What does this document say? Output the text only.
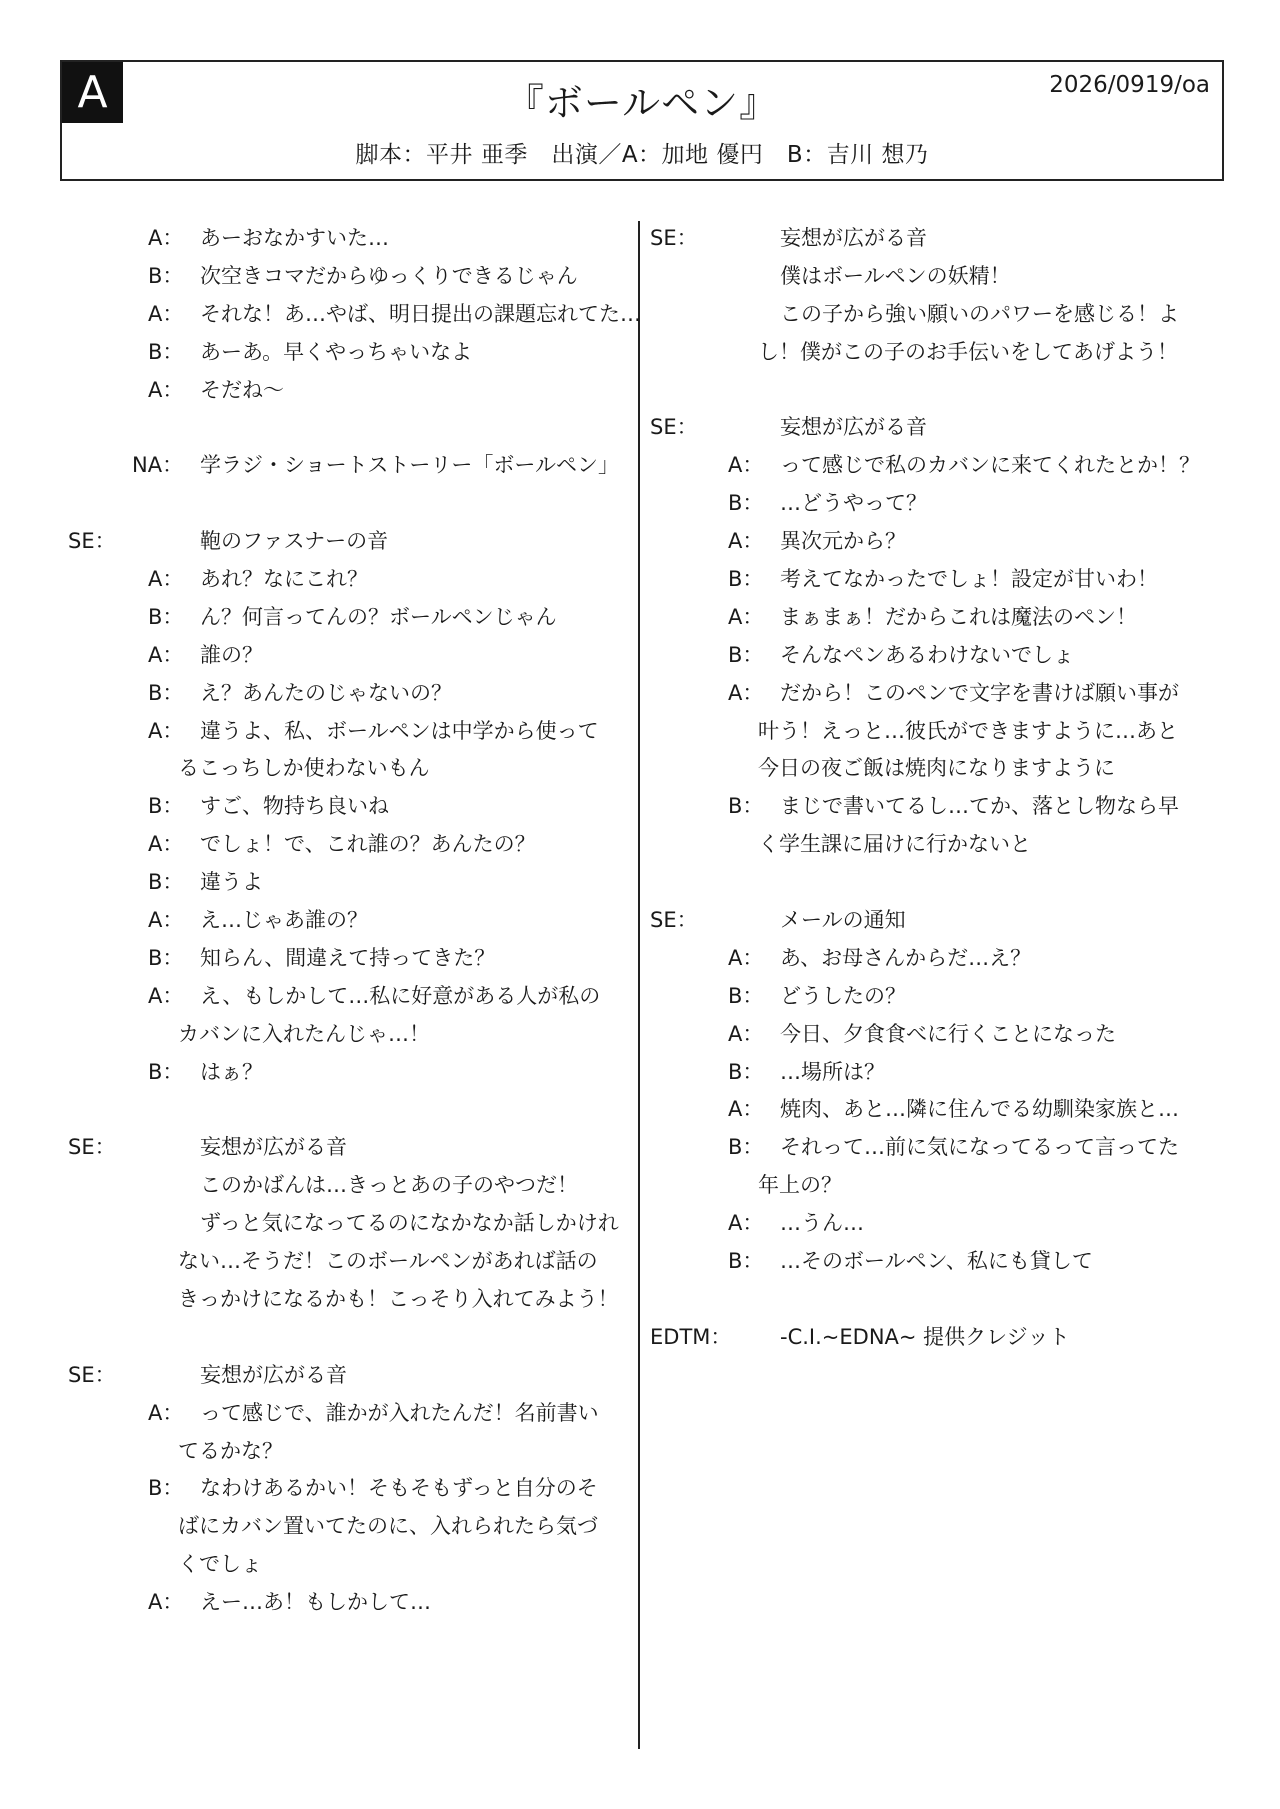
A	『ボールペン』	2026/0919/oa
脚本：平井 亜季　出演／A：加地 優円　B：吉川 想乃
A： あーおなかすいた…
B： 次空きコマだからゆっくりできるじゃん
A： それな！あ…やば、明日提出の課題忘れてた…
B： あーあ。早くやっちゃいなよ
A： そだね〜
NA： 学ラジ・ショートストーリー「ボールペン」
SE：	鞄のファスナーの音
A： あれ？なにこれ？
B： ん？何言ってんの？ボールペンじゃん
A： 誰の？
B： え？あんたのじゃないの？
A： 違うよ、私、ボールペンは中学から使って
るこっちしか使わないもん
B： すご、物持ち良いね
A： でしょ！で、これ誰の？あんたの？
B： 違うよ
A： え…じゃあ誰の？
B： 知らん、間違えて持ってきた？
A： え、もしかして…私に好意がある人が私の
カバンに入れたんじゃ…！
B： はぁ？
SE：	妄想が広がる音
このかばんは…きっとあの子のやつだ！
ずっと気になってるのになかなか話しかけれ
ない…そうだ！このボールペンがあれば話の
きっかけになるかも！こっそり入れてみよう！
SE：	妄想が広がる音
A： って感じで、誰かが入れたんだ！名前書い
てるかな？
B： なわけあるかい！そもそもずっと自分のそ
ばにカバン置いてたのに、入れられたら気づ
くでしょ
A： えー…あ！もしかして…
SE：	妄想が広がる音
僕はボールペンの妖精！
この子から強い願いのパワーを感じる！よ
し！僕がこの子のお手伝いをしてあげよう！
SE：	妄想が広がる音
A： って感じで私のカバンに来てくれたとか！？
B： …どうやって？
A： 異次元から？
B： 考えてなかったでしょ！設定が甘いわ！
A： まぁまぁ！だからこれは魔法のペン！
B： そんなペンあるわけないでしょ
A： だから！このペンで文字を書けば願い事が
叶う！えっと…彼氏ができますように…あと
今日の夜ご飯は焼肉になりますように
B： まじで書いてるし…てか、落とし物なら早
く学生課に届けに行かないと
SE：	メールの通知
A： あ、お母さんからだ…え？
B： どうしたの？
A： 今日、夕食食べに行くことになった
B： …場所は？
A： 焼肉、あと…隣に住んでる幼馴染家族と…
B： それって…前に気になってるって言ってた
年上の？
A： …うん…
B： …そのボールペン、私にも貸して
EDTM： -C.I.~EDNA~ 提供クレジット
